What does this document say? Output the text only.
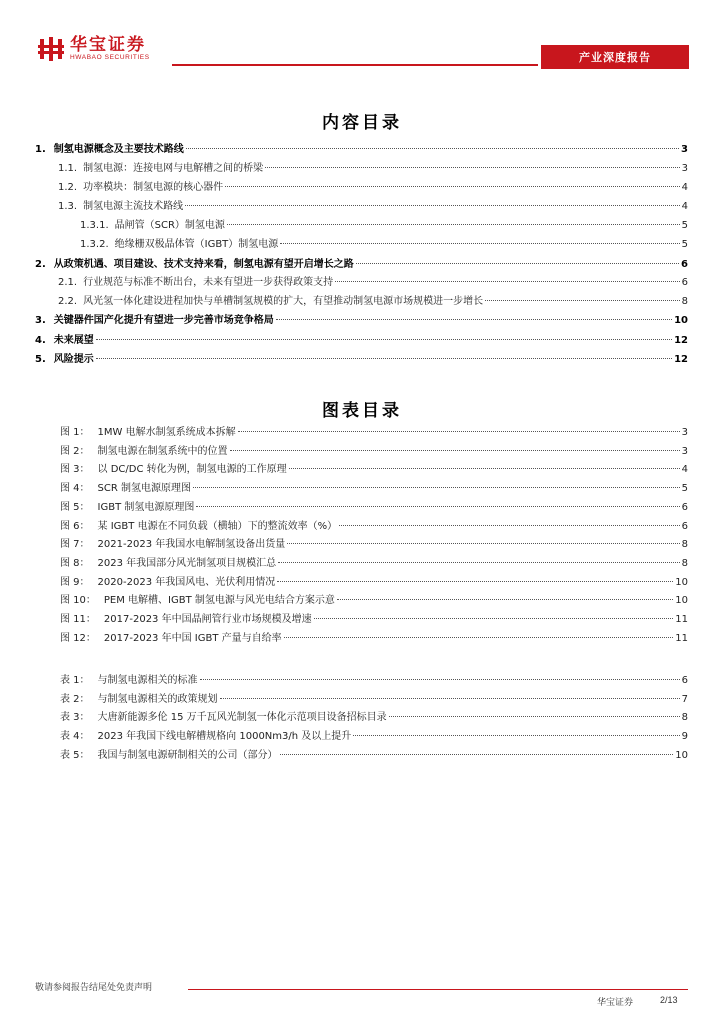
华宝证券
HWABAO SECURITIES	产业深度报告
内容目录
1. 制氢电源概念及主要技术路线	3
1.1. 制氢电源：连接电网与电解槽之间的桥梁	3
1.2. 功率模块：制氢电源的核心器件	4
1.3. 制氢电源主流技术路线	4
1.3.1. 晶闸管（SCR）制氢电源	5
1.3.2. 绝缘栅双极晶体管（IGBT）制氢电源	5
2. 从政策机遇、项目建设、技术支持来看，制氢电源有望开启增长之路	6
2.1. 行业规范与标准不断出台，未来有望进一步获得政策支持	6
2.2. 风光氢一体化建设进程加快与单槽制氢规模的扩大，有望推动制氢电源市场规模进一步增长	8
3. 关键器件国产化提升有望进一步完善市场竞争格局	10
4. 未来展望	12
5. 风险提示	12
图表目录
图 1： 1MW 电解水制氢系统成本拆解	3
图 2： 制氢电源在制氢系统中的位置	3
图 3： 以 DC/DC 转化为例，制氢电源的工作原理	4
图 4： SCR 制氢电源原理图	5
图 5： IGBT 制氢电源原理图	6
图 6： 某 IGBT 电源在不同负载（横轴）下的整流效率（%）	6
图 7： 2021-2023 年我国水电解制氢设备出货量	8
图 8： 2023 年我国部分风光制氢项目规模汇总	8
图 9： 2020-2023 年我国风电、光伏利用情况	10
图 10： PEM 电解槽、IGBT 制氢电源与风光电结合方案示意	10
图 11： 2017-2023 年中国晶闸管行业市场规模及增速	11
图 12： 2017-2023 年中国 IGBT 产量与自给率	11
表 1： 与制氢电源相关的标准	6
表 2： 与制氢电源相关的政策规划	7
表 3： 大唐新能源多伦 15 万千瓦风光制氢一体化示范项目设备招标目录	8
表 4： 2023 年我国下线电解槽规格向 1000Nm3/h 及以上提升	9
表 5： 我国与制氢电源研制相关的公司（部分）	10
敬请参阅报告结尾处免责声明
华宝证券	2/13
